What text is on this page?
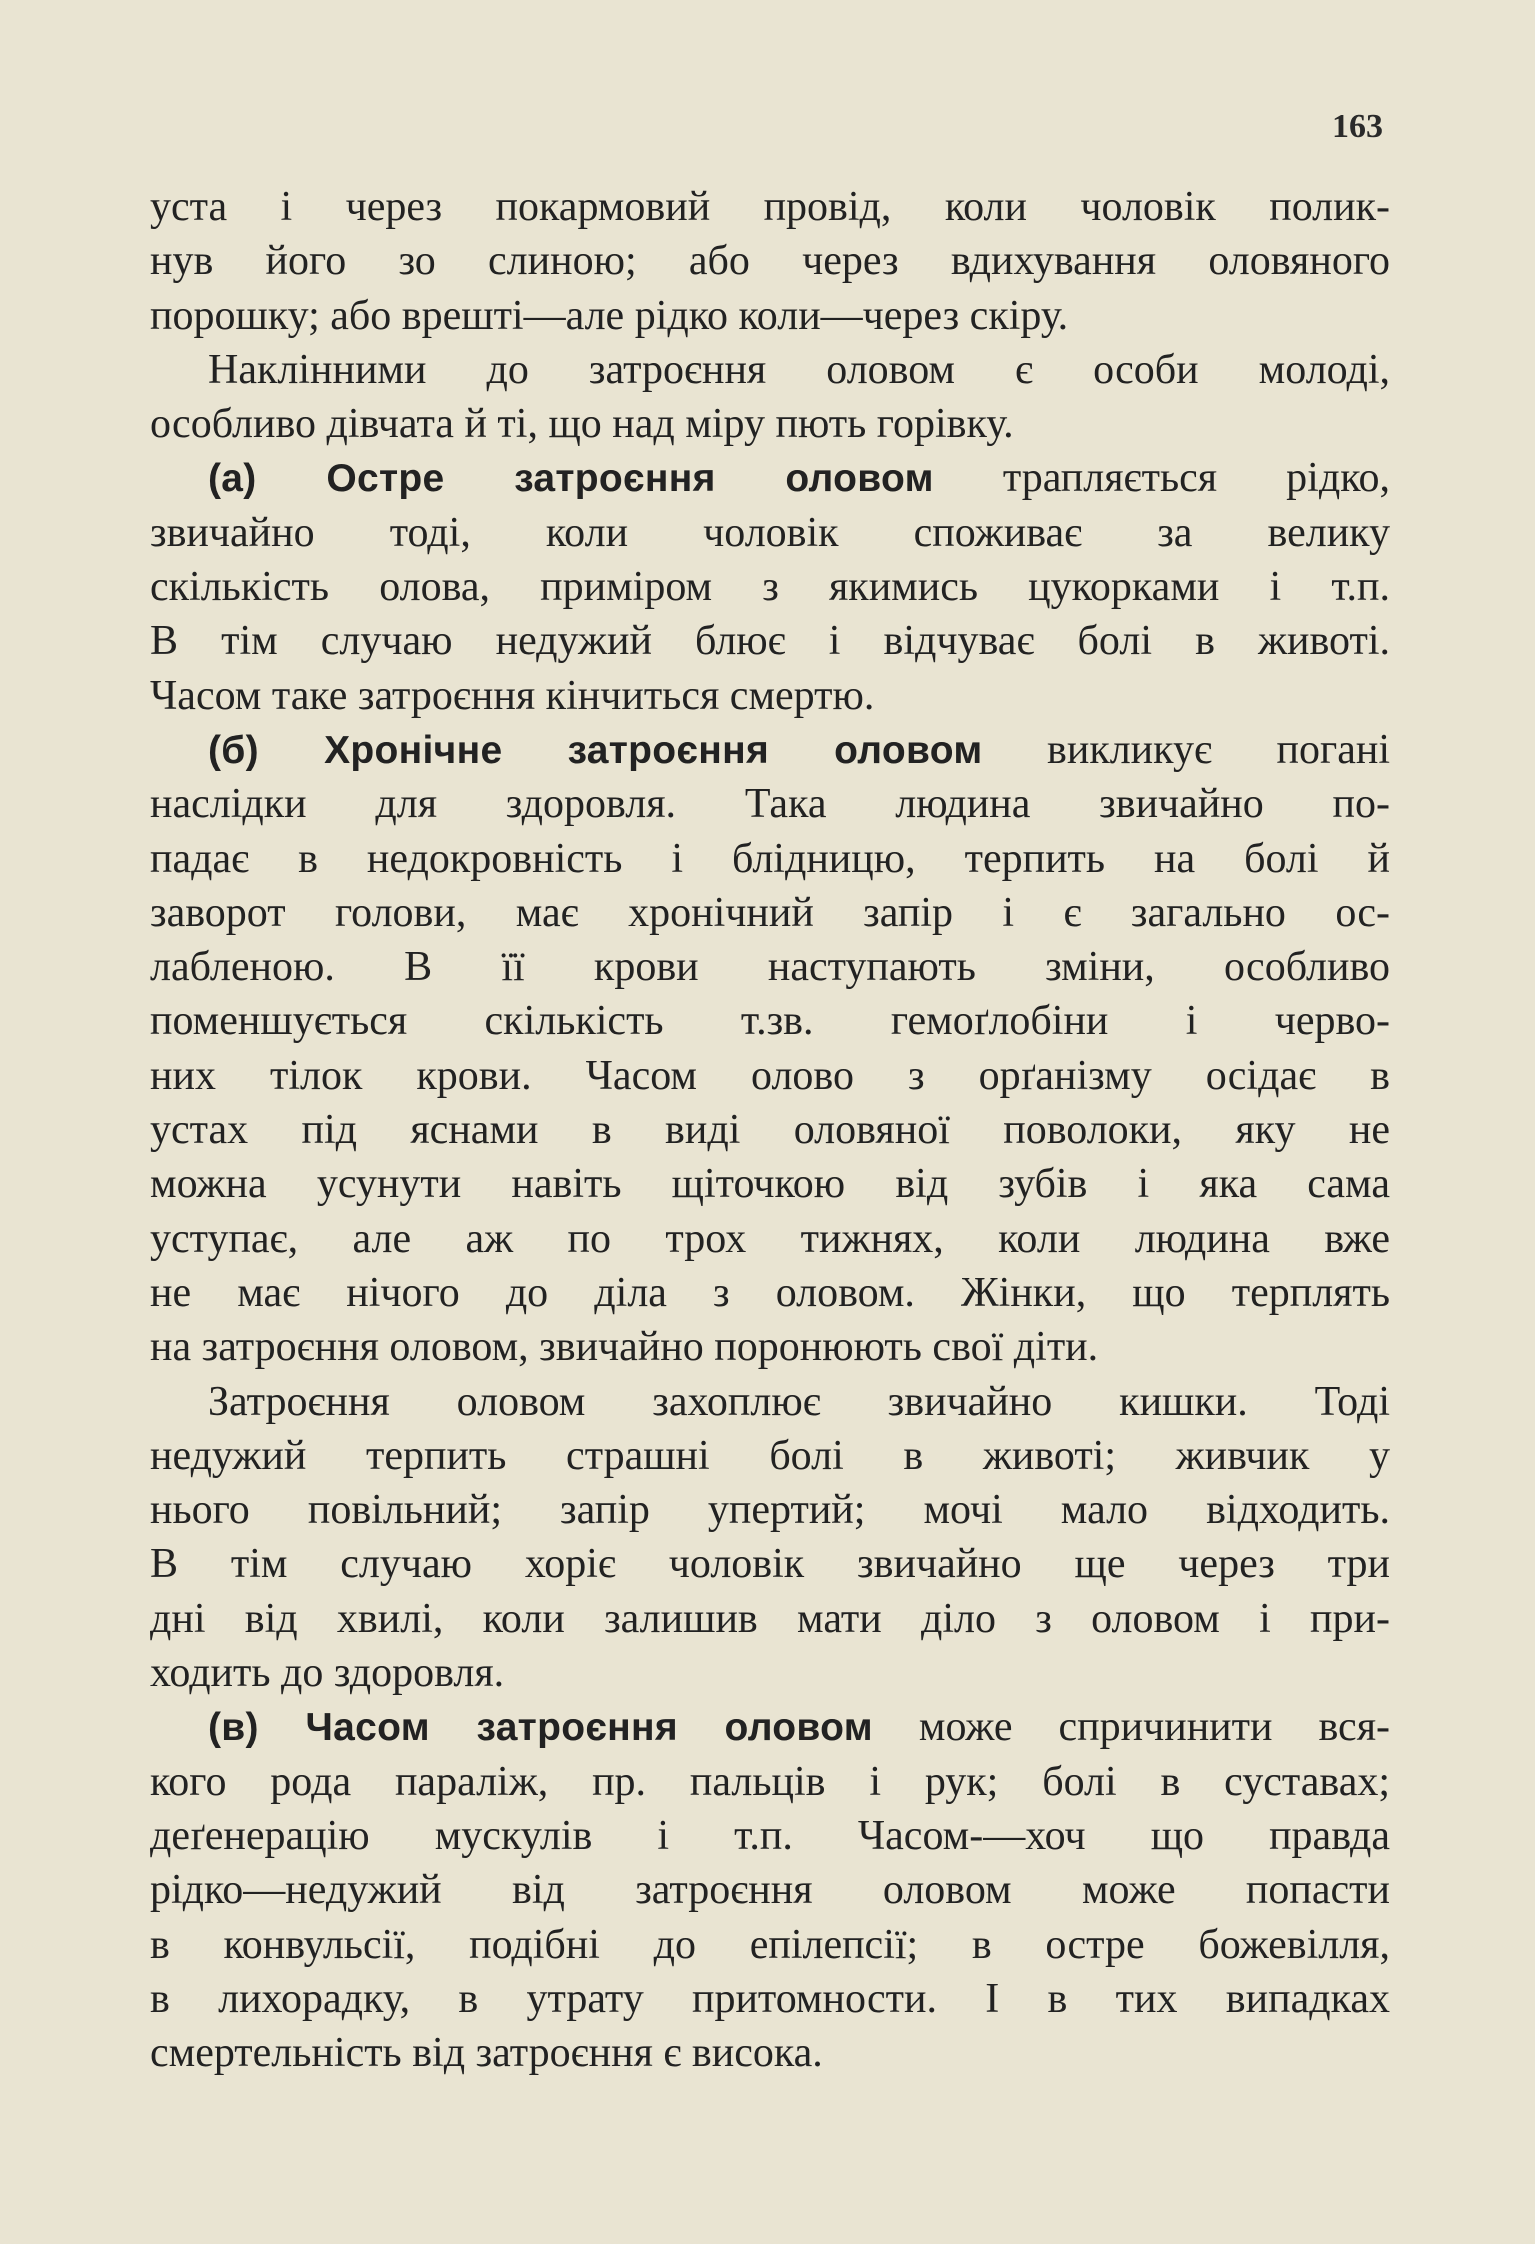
163
уста і через покармовий провід, коли чоловік полик-
нув його зо слиною; або через вдихування оловяного
порошку; або врешті—але рідко коли—через скіру.
Наклінними до затроєння оловом є особи молоді,
особливо дівчата й ті, що над міру пють горівку.
(а) Остре затроєння оловом трапляється рідко,
звичайно тоді, коли чоловік споживає за велику
скількість олова, приміром з якимись цукорками і т.п.
В тім случаю недужий блює і відчуває болі в животі.
Часом таке затроєння кінчиться смертю.
(б) Хронічне затроєння оловом викликує погані
наслідки для здоровля. Така людина звичайно по-
падає в недокровність і блідницю, терпить на болі й
заворот голови, має хронічний запір і є загально ос-
лабленою. В її крови наступають зміни, особливо
поменшується скількість т.зв. гемоґлобіни і черво-
них тілок крови. Часом олово з орґанізму осідає в
устах під яснами в виді оловяної поволоки, яку не
можна усунути навіть щіточкою від зубів і яка сама
уступає, але аж по трох тижнях, коли людина вже
не має нічого до діла з оловом. Жінки, що терплять
на затроєння оловом, звичайно поронюють свої діти.
Затроєння оловом захоплює звичайно кишки. Тоді
недужий терпить страшні болі в животі; живчик у
нього повільний; запір упертий; мочі мало відходить.
В тім случаю хоріє чоловік звичайно ще через три
дні від хвилі, коли залишив мати діло з оловом і при-
ходить до здоровля.
(в) Часом затроєння оловом може спричинити вся-
кого рода параліж, пр. пальців і рук; болі в суставах;
деґенерацію мускулів і т.п. Часом-—хоч що правда
рідко—недужий від затроєння оловом може попасти
в конвульсії, подібні до епілепсії; в остре божевілля,
в лихорадку, в утрату притомности. І в тих випадках
смертельність від затроєння є висока.
